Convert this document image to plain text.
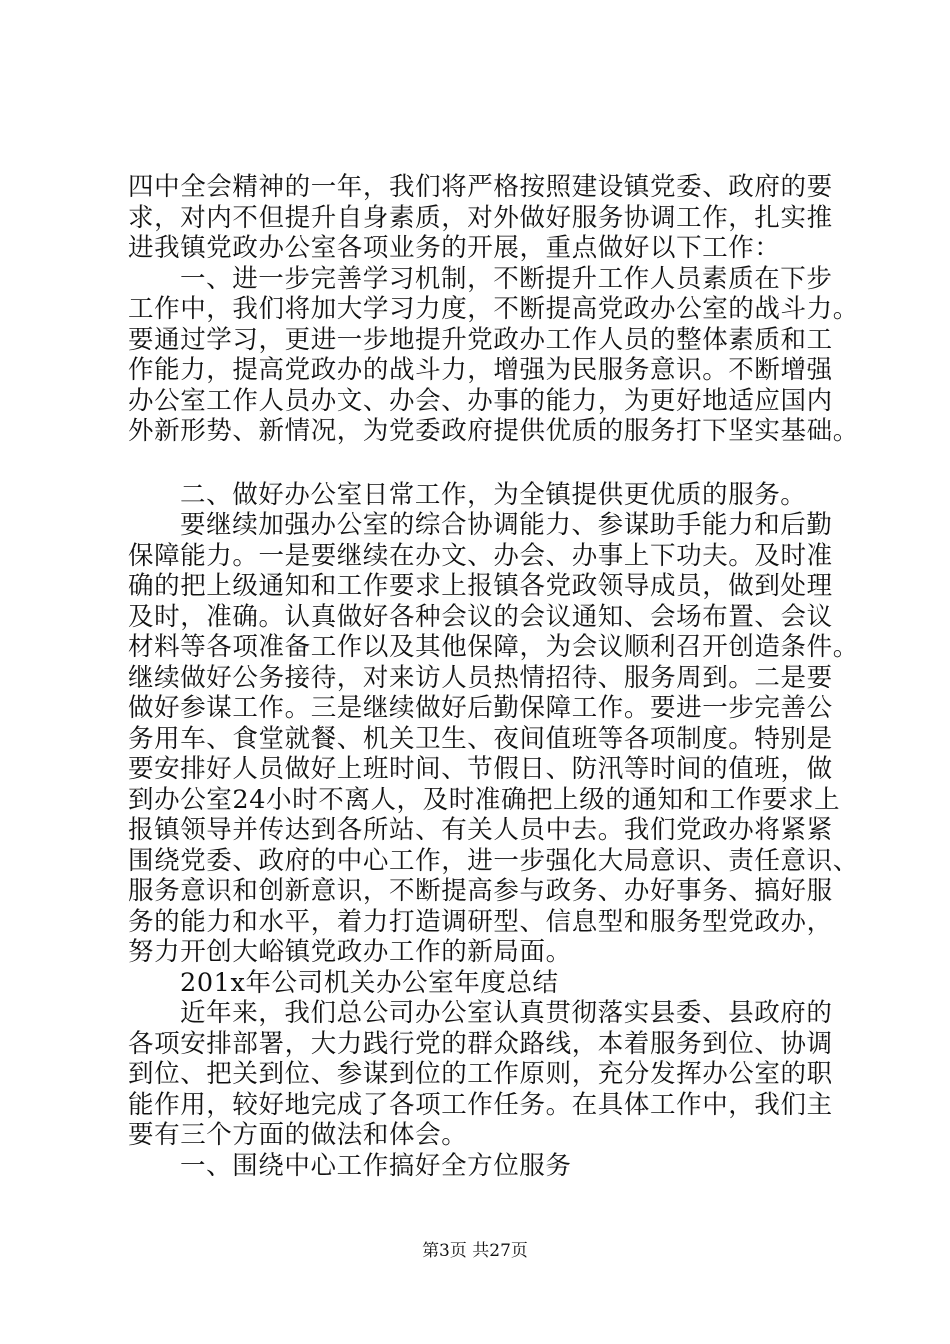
四中全会精神的一年，我们将严格按照建设镇党委、政府的要
求，对内不但提升自身素质，对外做好服务协调工作，扎实推
进我镇党政办公室各项业务的开展，重点做好以下工作：
一、进一步完善学习机制，不断提升工作人员素质在下步
工作中，我们将加大学习力度，不断提高党政办公室的战斗力。
要通过学习，更进一步地提升党政办工作人员的整体素质和工
作能力，提高党政办的战斗力，增强为民服务意识。不断增强
办公室工作人员办文、办会、办事的能力，为更好地适应国内
外新形势、新情况，为党委政府提供优质的服务打下坚实基础。
二、做好办公室日常工作，为全镇提供更优质的服务。
要继续加强办公室的综合协调能力、参谋助手能力和后勤
保障能力。一是要继续在办文、办会、办事上下功夫。及时准
确的把上级通知和工作要求上报镇各党政领导成员，做到处理
及时，准确。认真做好各种会议的会议通知、会场布置、会议
材料等各项准备工作以及其他保障，为会议顺利召开创造条件。
继续做好公务接待，对来访人员热情招待、服务周到。二是要
做好参谋工作。三是继续做好后勤保障工作。要进一步完善公
务用车、食堂就餐、机关卫生、夜间值班等各项制度。特别是
要安排好人员做好上班时间、节假日、防汛等时间的值班，做
到办公室24小时不离人，及时准确把上级的通知和工作要求上
报镇领导并传达到各所站、有关人员中去。我们党政办将紧紧
围绕党委、政府的中心工作，进一步强化大局意识、责任意识、
服务意识和创新意识，不断提高参与政务、办好事务、搞好服
务的能力和水平，着力打造调研型、信息型和服务型党政办，
努力开创大峪镇党政办工作的新局面。
201x年公司机关办公室年度总结
近年来，我们总公司办公室认真贯彻落实县委、县政府的
各项安排部署，大力践行党的群众路线，本着服务到位、协调
到位、把关到位、参谋到位的工作原则，充分发挥办公室的职
能作用，较好地完成了各项工作任务。在具体工作中，我们主
要有三个方面的做法和体会。
一、围绕中心工作搞好全方位服务
第3页 共27页
